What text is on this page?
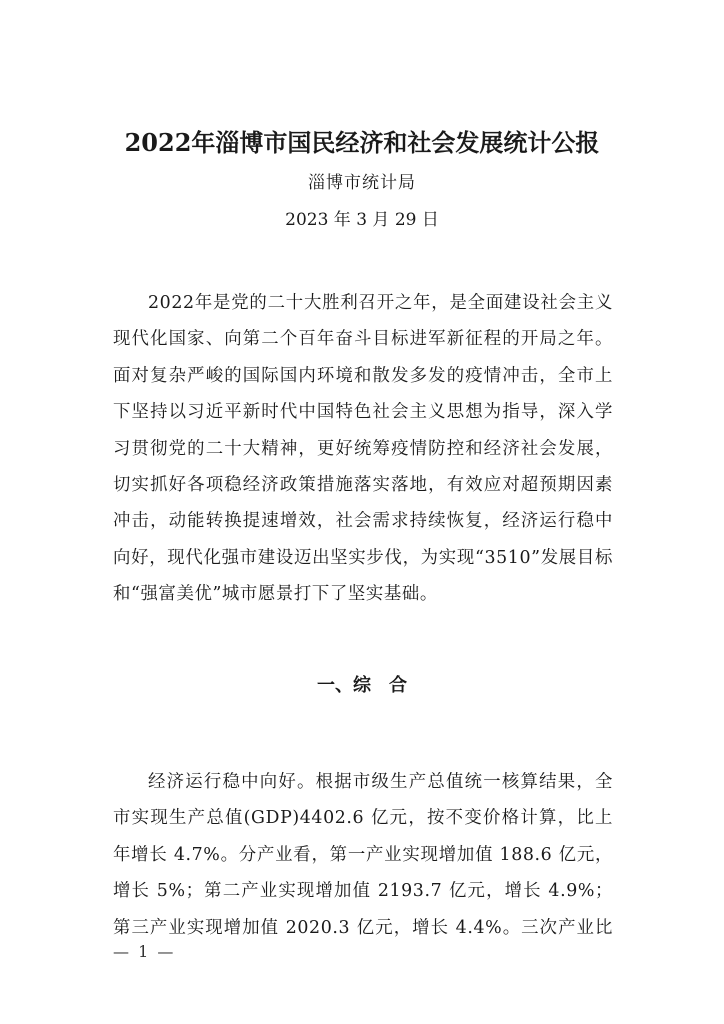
2022年淄博市国民经济和社会发展统计公报
淄博市统计局
2023 年 3 月 29 日

2022年是党的二十大胜利召开之年，是全面建设社会主义现代化国家、向第二个百年奋斗目标进军新征程的开局之年。面对复杂严峻的国际国内环境和散发多发的疫情冲击，全市上下坚持以习近平新时代中国特色社会主义思想为指导，深入学习贯彻党的二十大精神，更好统筹疫情防控和经济社会发展，切实抓好各项稳经济政策措施落实落地，有效应对超预期因素冲击，动能转换提速增效，社会需求持续恢复，经济运行稳中向好，现代化强市建设迈出坚实步伐，为实现“3510”发展目标和“强富美优”城市愿景打下了坚实基础。

一、综　合

经济运行稳中向好。根据市级生产总值统一核算结果，全市实现生产总值(GDP)4402.6 亿元，按不变价格计算，比上年增长 4.7%。分产业看，第一产业实现增加值 188.6 亿元，增长 5%；第二产业实现增加值 2193.7 亿元，增长 4.9%；第三产业实现增加值 2020.3 亿元，增长 4.4%。三次产业比

— 1 —
